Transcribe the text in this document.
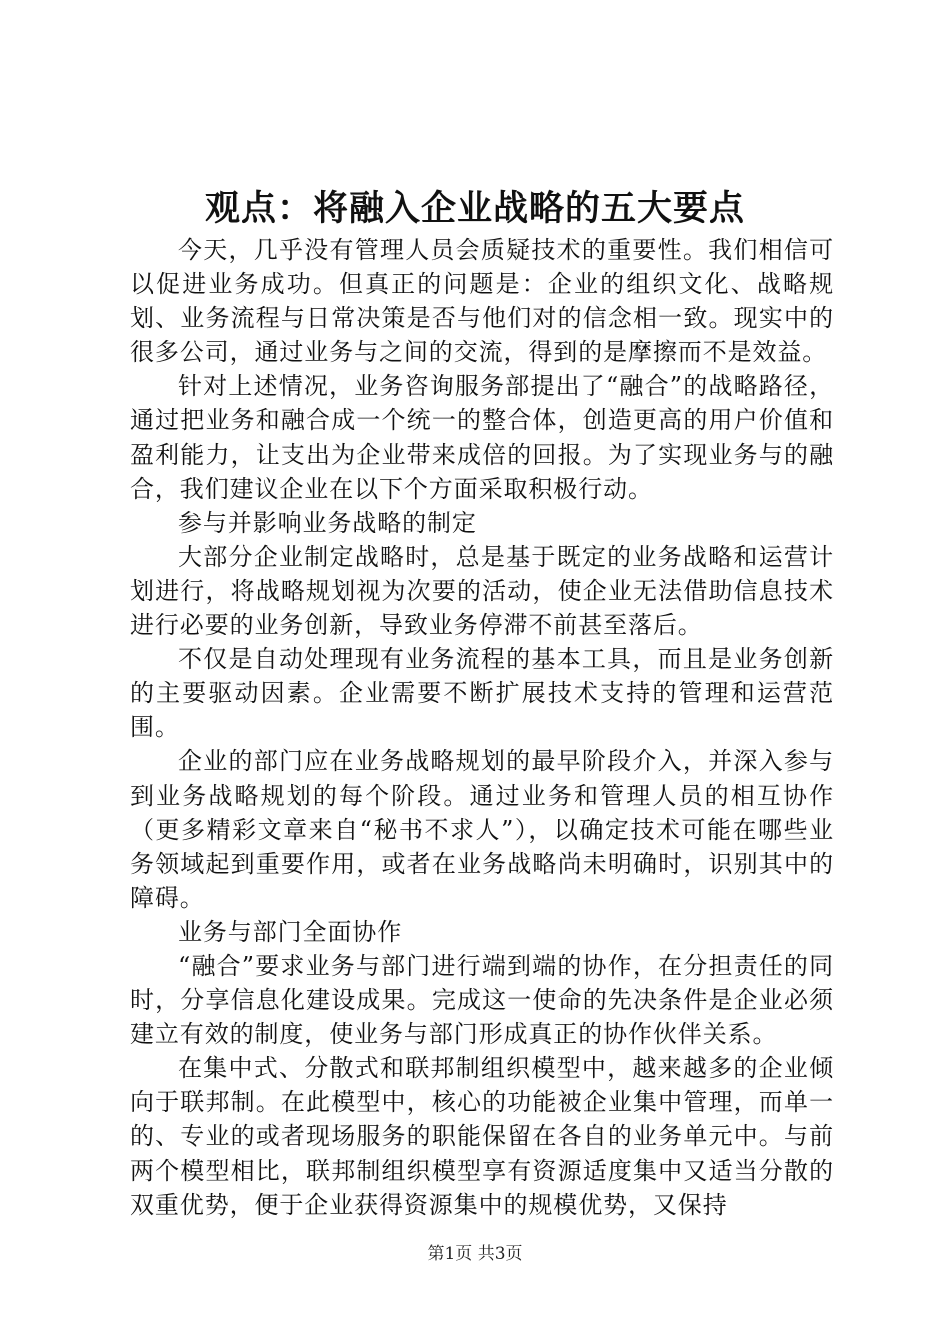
观点：将融入企业战略的五大要点

今天，几乎没有管理人员会质疑技术的重要性。我们相信可以促进业务成功。但真正的问题是：企业的组织文化、战略规划、业务流程与日常决策是否与他们对的信念相一致。现实中的很多公司，通过业务与之间的交流，得到的是摩擦而不是效益。

针对上述情况，业务咨询服务部提出了“融合”的战略路径，通过把业务和融合成一个统一的整合体，创造更高的用户价值和盈利能力，让支出为企业带来成倍的回报。为了实现业务与的融合，我们建议企业在以下个方面采取积极行动。

参与并影响业务战略的制定

大部分企业制定战略时，总是基于既定的业务战略和运营计划进行，将战略规划视为次要的活动，使企业无法借助信息技术进行必要的业务创新，导致业务停滞不前甚至落后。

不仅是自动处理现有业务流程的基本工具，而且是业务创新的主要驱动因素。企业需要不断扩展技术支持的管理和运营范围。

企业的部门应在业务战略规划的最早阶段介入，并深入参与到业务战略规划的每个阶段。通过业务和管理人员的相互协作（更多精彩文章来自“秘书不求人”），以确定技术可能在哪些业务领域起到重要作用，或者在业务战略尚未明确时，识别其中的障碍。

业务与部门全面协作

“融合”要求业务与部门进行端到端的协作，在分担责任的同时，分享信息化建设成果。完成这一使命的先决条件是企业必须建立有效的制度，使业务与部门形成真正的协作伙伴关系。

在集中式、分散式和联邦制组织模型中，越来越多的企业倾向于联邦制。在此模型中，核心的功能被企业集中管理，而单一的、专业的或者现场服务的职能保留在各自的业务单元中。与前两个模型相比，联邦制组织模型享有资源适度集中又适当分散的双重优势，便于企业获得资源集中的规模优势，又保持

第1页 共3页
